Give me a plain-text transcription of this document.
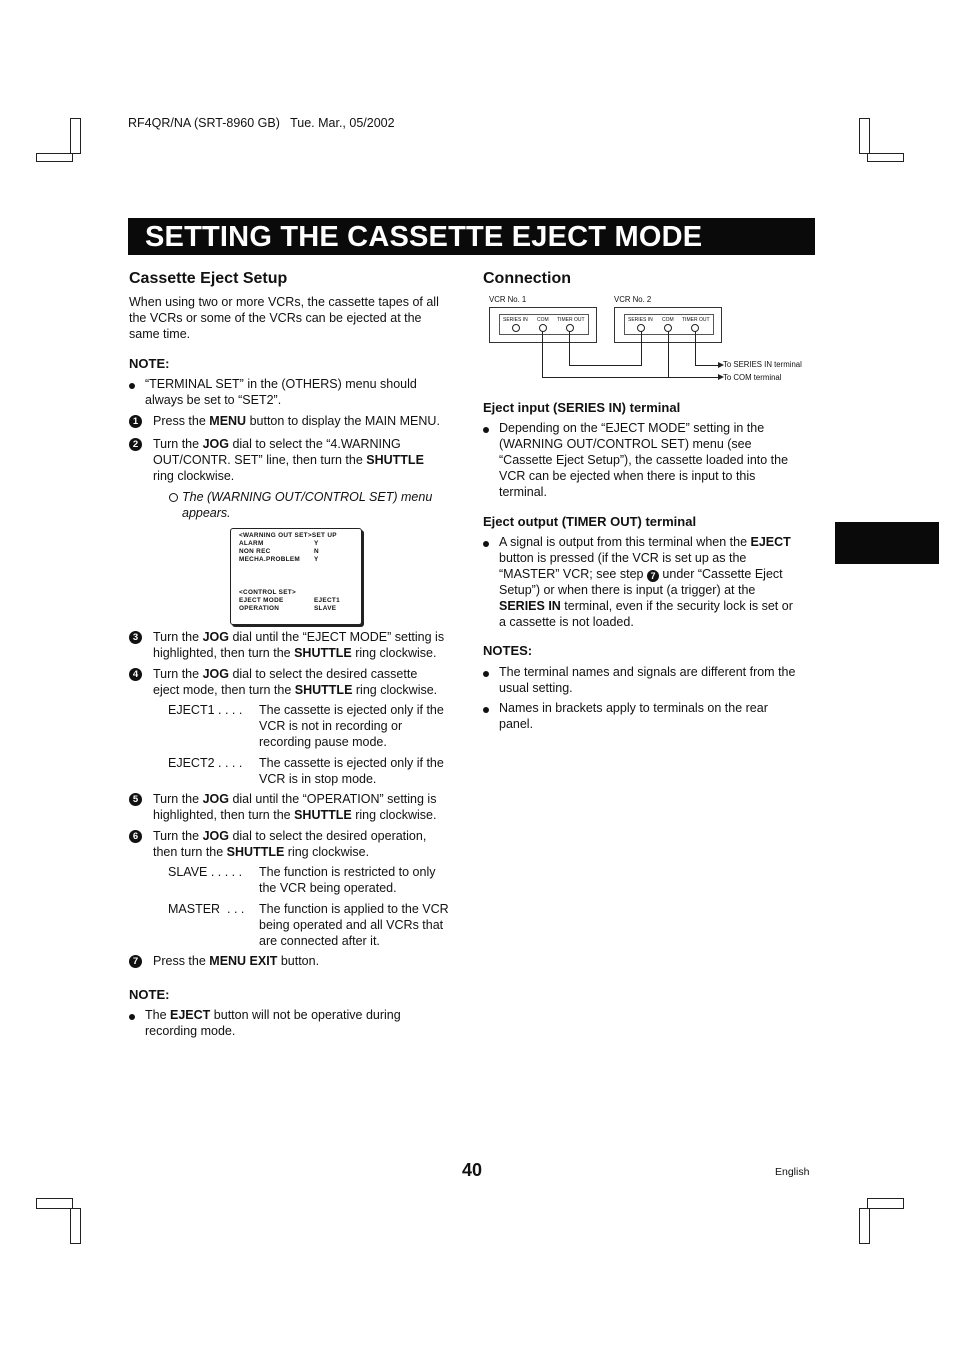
RF4QR/NA (SRT-8960 GB)   Tue. Mar., 05/2002
SETTING THE CASSETTE EJECT MODE
Cassette Eject Setup

When using two or more VCRs, the cassette tapes of all

the VCRs or some of the VCRs can be ejected at the

same time.

NOTE:
“TERMINAL SET” in the (OTHERS) menu should
always be set to “SET2”.
1	Press the MENU button to display the MAIN MENU.
2	Turn the JOG dial to select the “4.WARNING
OUT/CONTR. SET” line, then turn the SHUTTLE
ring clockwise.

The (WARNING OUT/CONTROL SET) menu

appears.

<WARNING OUT SET>SET UP
ALARM	Y
NON REC	N
MECHA.PROBLEM Y
<CONTROL SET>
EJECT MODE	EJECT1
OPERATION	SLAVE
3	Turn the JOG dial until the “EJECT MODE” setting is
highlighted, then turn the SHUTTLE ring clockwise.
4	Turn the JOG dial to select the desired cassette
eject mode, then turn the SHUTTLE ring clockwise.
EJECT1 . . . . The cassette is ejected only if the
VCR is not in recording or
recording pause mode.
EJECT2 . . . . The cassette is ejected only if the
VCR is in stop mode.
5	Turn the JOG dial until the “OPERATION” setting is
highlighted, then turn the SHUTTLE ring clockwise.
6	Turn the JOG dial to select the desired operation,
then turn the SHUTTLE ring clockwise.
SLAVE . . . . . The function is restricted to only
the VCR being operated.
MASTER  . . . The function is applied to the VCR
being operated and all VCRs that
are connected after it.
7	Press the MENU EXIT button.
NOTE:
The EJECT button will not be operative during
recording mode.
Connection
VCR No. 1	VCR No. 2
SERIES IN COM TIMER OUT	SERIES IN COM TIMER OUT
To SERIES IN terminal
To COM terminal
Eject input (SERIES IN) terminal
Depending on the “EJECT MODE” setting in the
(WARNING OUT/CONTROL SET) menu (see
“Cassette Eject Setup”), the cassette loaded into the
VCR can be ejected when there is input to this
terminal.
Eject output (TIMER OUT) terminal
A signal is output from this terminal when the EJECT
button is pressed (if the VCR is set up as the
“MASTER” VCR; see step 7 under “Cassette Eject
Setup”) or when there is input (a trigger) at the
SERIES IN terminal, even if the security lock is set or
a cassette is not loaded.
NOTES:
The terminal names and signals are different from the
usual setting.
Names in brackets apply to terminals on the rear
panel.
40	English
